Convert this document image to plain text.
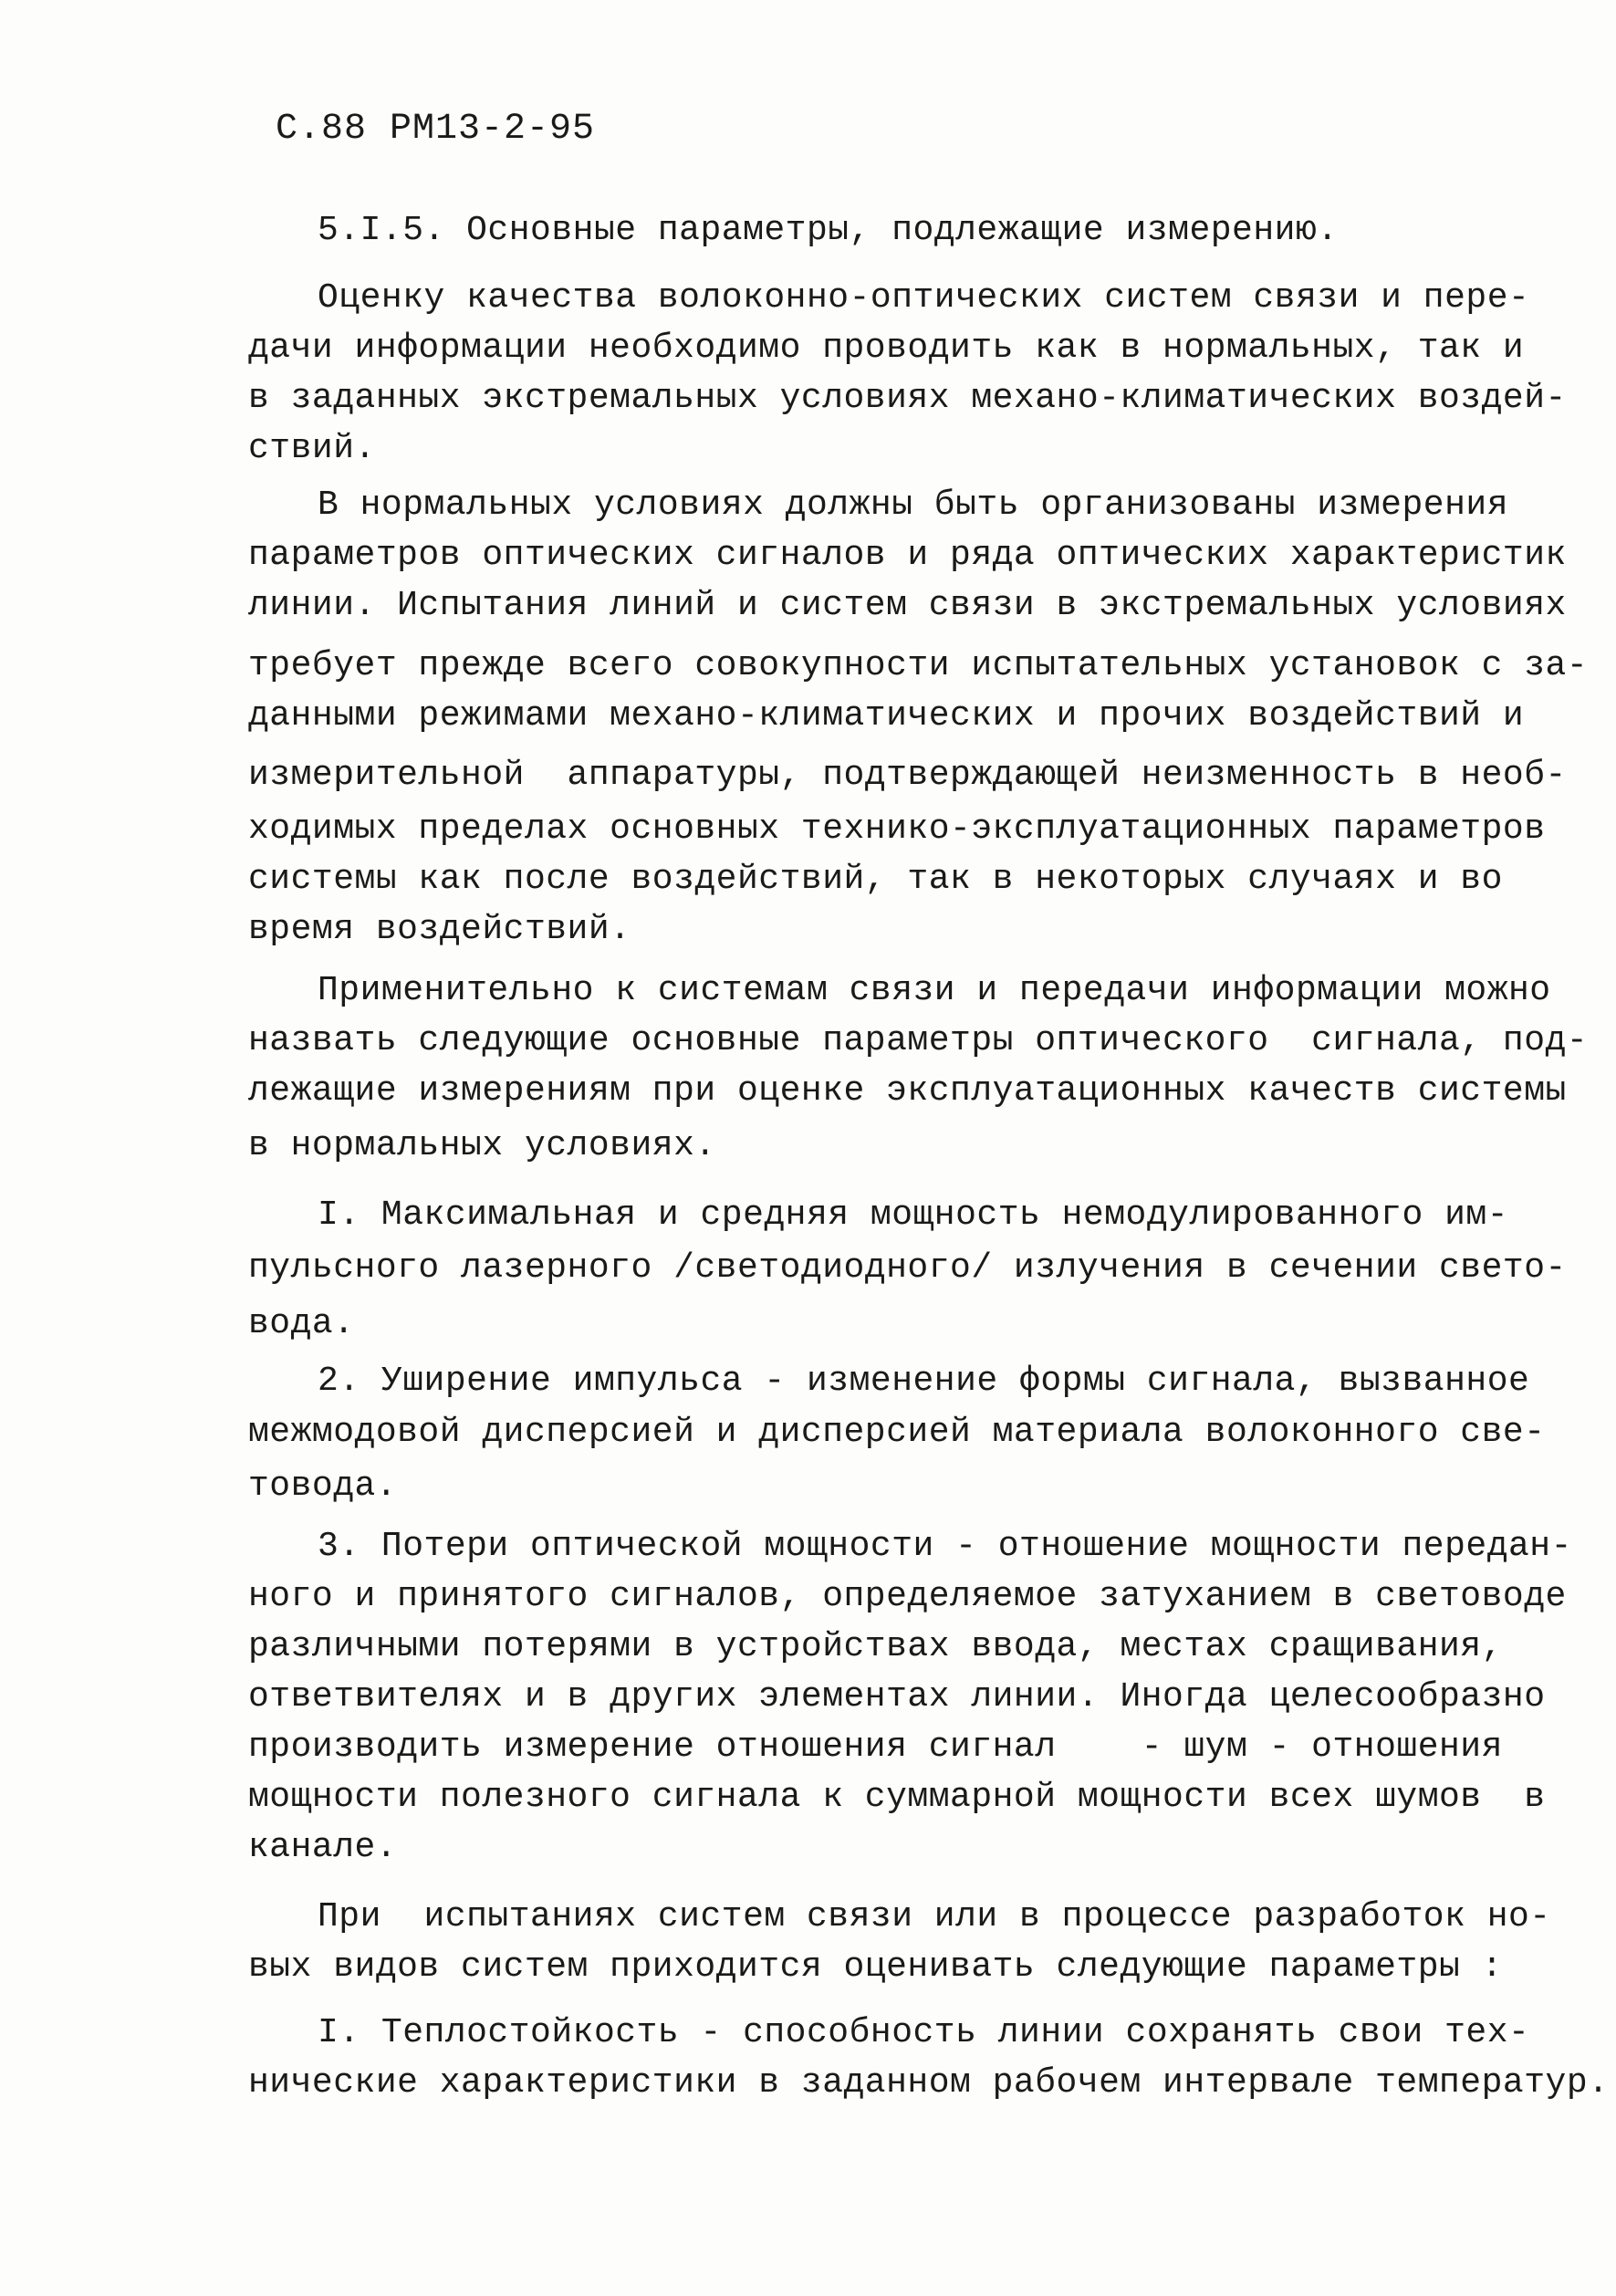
С.88 РМ13-2-95
5.I.5. Основные параметры, подлежащие измерению.
Оценку качества волоконно-оптических систем связи и пере-
дачи информации необходимо проводить как в нормальных, так и
в заданных экстремальных условиях механо-климатических воздей-
ствий.
В нормальных условиях должны быть организованы измерения
параметров оптических сигналов и ряда оптических характеристик
линии. Испытания линий и систем связи в экстремальных условиях
требует прежде всего совокупности испытательных установок с за-
данными режимами механо-климатических и прочих воздействий и
измерительной  аппаратуры, подтверждающей неизменность в необ-
ходимых пределах основных технико-эксплуатационных параметров
системы как после воздействий, так в некоторых случаях и во
время воздействий.
Применительно к системам связи и передачи информации можно
назвать следующие основные параметры оптического  сигнала, под-
лежащие измерениям при оценке эксплуатационных качеств системы
в нормальных условиях.
I. Максимальная и средняя мощность немодулированного им-
пульсного лазерного /светодиодного/ излучения в сечении свето-
вода.
2. Уширение импульса - изменение формы сигнала, вызванное
межмодовой дисперсией и дисперсией материала волоконного све-
товода.
3. Потери оптической мощности - отношение мощности передан-
ного и принятого сигналов, определяемое затуханием в световоде
различными потерями в устройствах ввода, местах сращивания,
ответвителях и в других элементах линии. Иногда целесообразно
производить измерение отношения сигнал    - шум - отношения
мощности полезного сигнала к суммарной мощности всех шумов  в
канале.
При  испытаниях систем связи или в процессе разработок но-
вых видов систем приходится оценивать следующие параметры :
I. Теплостойкость - способность линии сохранять свои тех-
нические характеристики в заданном рабочем интервале температур.
